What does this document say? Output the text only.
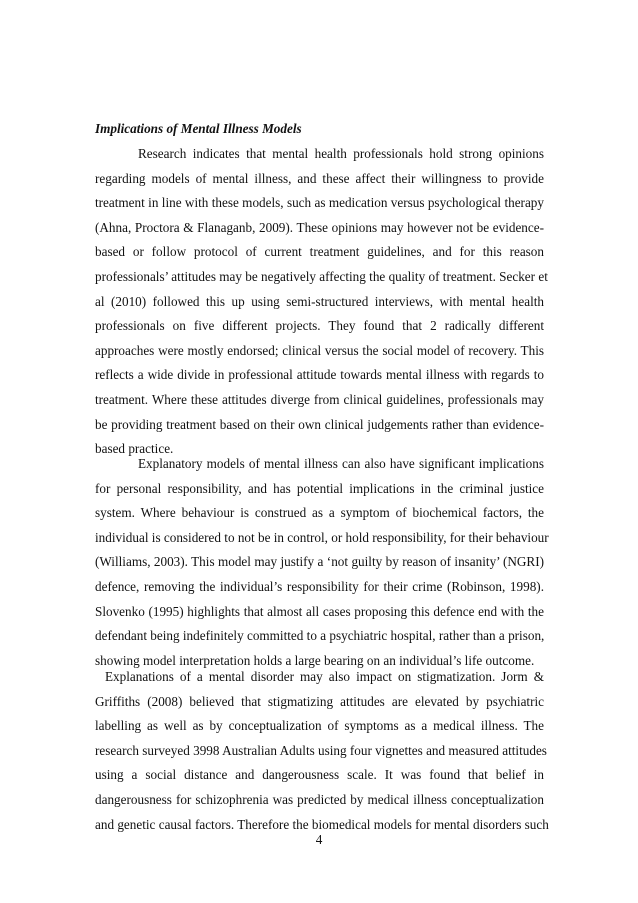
Implications of Mental Illness Models
Research indicates that mental health professionals hold strong opinions
regarding models of mental illness, and these affect their willingness to provide
treatment in line with these models, such as medication versus psychological therapy
(Ahna, Proctora & Flanaganb, 2009). These opinions may however not be evidence-
based or follow protocol of current treatment guidelines, and for this reason
professionals’ attitudes may be negatively affecting the quality of treatment. Secker et
al (2010) followed this up using semi-structured interviews, with mental health
professionals on five different projects. They found that 2 radically different
approaches were mostly endorsed; clinical versus the social model of recovery. This
reflects a wide divide in professional attitude towards mental illness with regards to
treatment. Where these attitudes diverge from clinical guidelines, professionals may
be providing treatment based on their own clinical judgements rather than evidence-
based practice.
Explanatory models of mental illness can also have significant implications
for personal responsibility, and has potential implications in the criminal justice
system. Where behaviour is construed as a symptom of biochemical factors, the
individual is considered to not be in control, or hold responsibility, for their behaviour
(Williams, 2003). This model may justify a ‘not guilty by reason of insanity’ (NGRI)
defence, removing the individual’s responsibility for their crime (Robinson, 1998).
Slovenko (1995) highlights that almost all cases proposing this defence end with the
defendant being indefinitely committed to a psychiatric hospital, rather than a prison,
showing model interpretation holds a large bearing on an individual’s life outcome.
Explanations of a mental disorder may also impact on stigmatization. Jorm &
Griffiths (2008) believed that stigmatizing attitudes are elevated by psychiatric
labelling as well as by conceptualization of symptoms as a medical illness. The
research surveyed 3998 Australian Adults using four vignettes and measured attitudes
using a social distance and dangerousness scale. It was found that belief in
dangerousness for schizophrenia was predicted by medical illness conceptualization
and genetic causal factors. Therefore the biomedical models for mental disorders such
4
